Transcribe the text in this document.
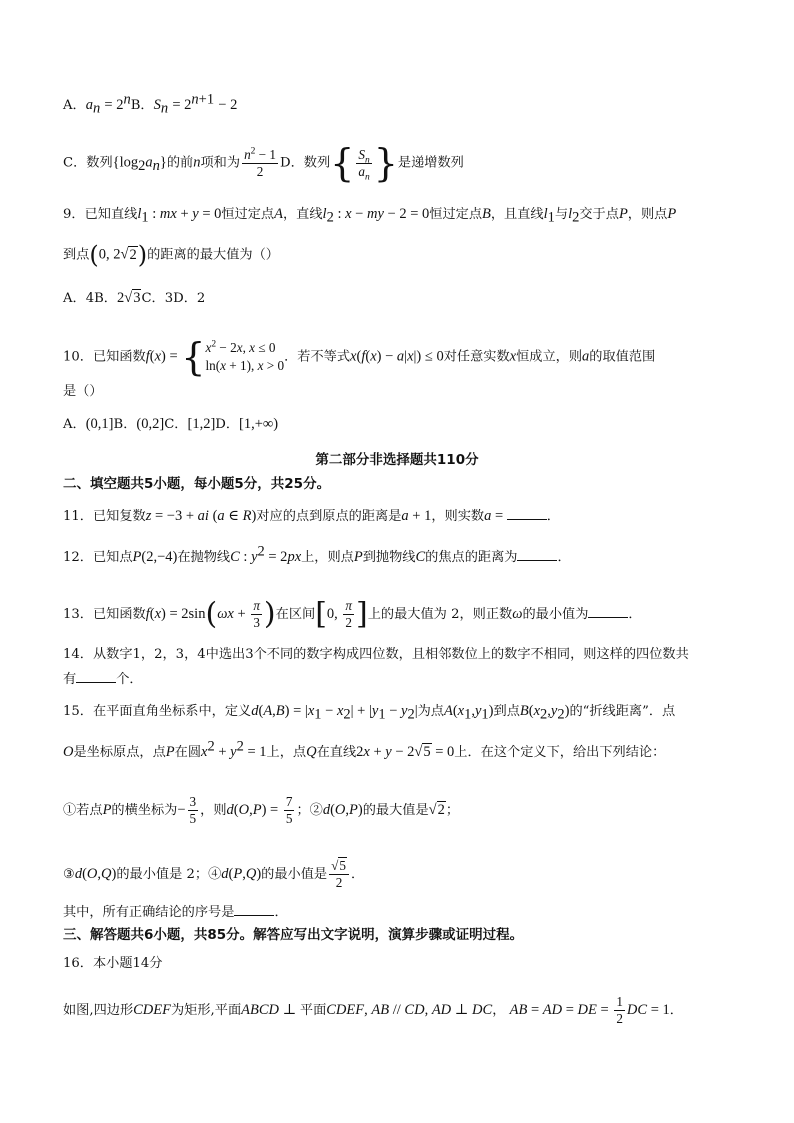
A．$a_n = 2^nB$．$S_n = 2^{n+1} - 2$
C．数列$\{\log_2a_n\}$的前n项和为 $\frac{n^2 - 1}{2}$ D．数列{ $\frac{S_n}{a_n}$ }是递增数列
9．已知直线$l_1$ : mx + y = 0恒过定点A，直线$l_2$ : x − my − 2 = 0恒过定点B，且直线$l_1$与$l_2$交于点P，则点P
到点(0, 2√2)的距离的最大值为（）
A．4B．2√3C．3D．2
10．已知函数f(x) = { $x^2 - 2x$, x ≤ 0
ln(x + 1), x > 0
．若不等式x(f(x) − a|x|) ≤ 0对任意实数x恒成立，则a的取值范围
是（）
A．(0,1]B．(0,2]C．[1,2]D．[1,+∞)
第二部分非选择题共110分
二、填空题共5小题，每小题5分，共25分。
11．已知复数z = −3 + ai (a ∈ R)对应的点到原点的距离是a + 1，则实数a =	．
12．已知点P(2,−4)在抛物线C : $y^2 = 2px$上，则点P到抛物线C的焦点的距离为	．
13．已知函数$f(x) = 2\sin(\omega x + \frac{\pi}{3}$ )在区间[0, $\frac{\pi}{2}$ ]上的最大值为 2，则正数ω的最小值为	．
14．从数字1，2，3，4中选出3个不同的数字构成四位数，且相邻数位上的数字不相同，则这样的四位数共
有	个．
15．在平面直角坐标系中，定义$d(A,B) = |x_1 - x_2| + |y_1 - y_2|$为点$A(x_1,y_1)$到点$B(x_2,y_2)$的“折线距离”．点
O是坐标原点，点P在圆$x^2 + y^2 = 1$上，点Q在直线2x + y − 2√5 = 0上．在这个定义下，给出下列结论：
①若点P的横坐标为− $\frac{3}{5}$ ，则$d(O,P) = \frac{7}{5}$ ；②d(O,P)的最大值是√2；
③d(O,Q)的最小值是 2；④d(P,Q)的最小值是 $\frac{√5}{2}$ ．
其中，所有正确结论的序号是	．
三、解答题共6小题，共85分。解答应写出文字说明，演算步骤或证明过程。
16．本小题14分
如图,四边形CDEF为矩形,平面ABCD ⊥ 平面CDEF, AB // CD, AD ⊥ DC， AB = AD = DE = $\frac{1}{2}$ DC = 1．
